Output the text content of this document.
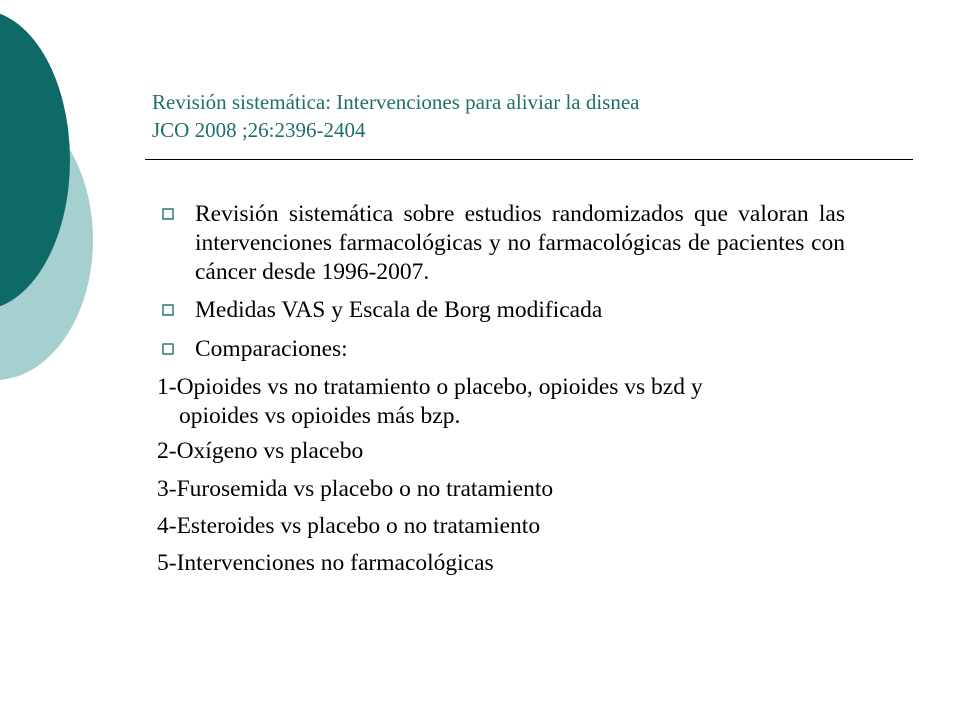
Revisión sistemática: Intervenciones para aliviar la disnea
JCO 2008 ;26:2396-2404
Revisión sistemática sobre estudios randomizados que valoran las intervenciones farmacológicas y no farmacológicas de pacientes con cáncer desde 1996-2007.
Medidas VAS y Escala de Borg modificada
Comparaciones:
1-Opioides vs no tratamiento o placebo, opioides vs bzd y
opioides vs opioides más bzp.
2-Oxígeno vs placebo
3-Furosemida vs placebo o no tratamiento
4-Esteroides vs placebo o no tratamiento
5-Intervenciones no farmacológicas
